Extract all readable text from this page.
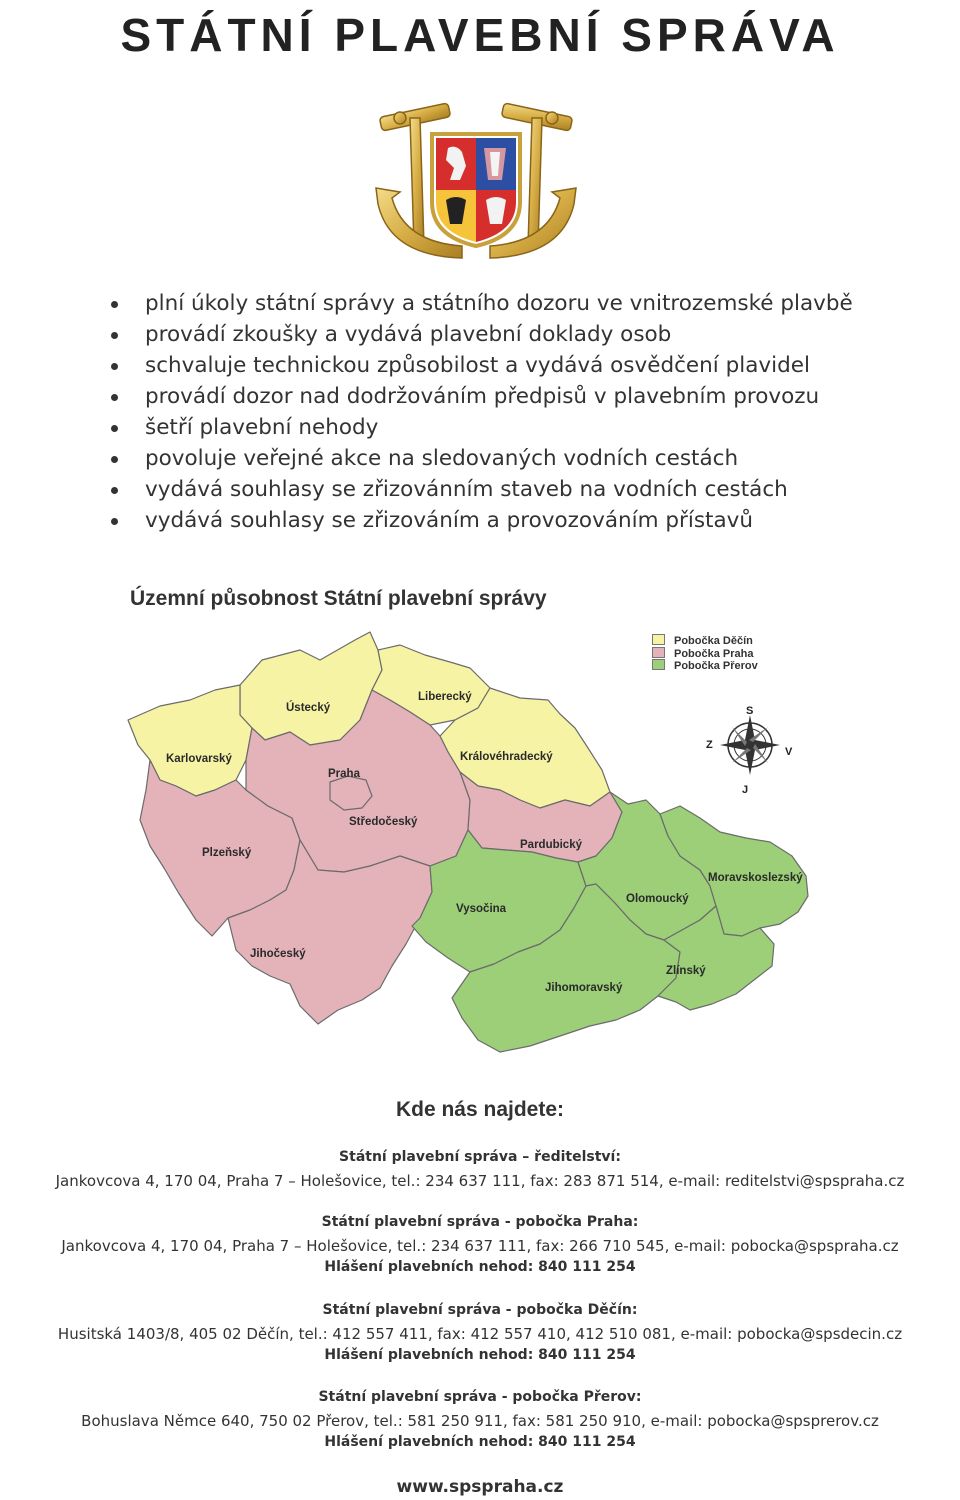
STÁTNÍ PLAVEBNÍ SPRÁVA
plní úkoly státní správy a státního dozoru ve vnitrozemské plavbě
provádí zkoušky a vydává plavební doklady osob
schvaluje technickou způsobilost a vydává osvědčení plavidel
provádí dozor nad dodržováním předpisů v plavebním provozu
šetří plavební nehody
povoluje veřejné akce na sledovaných vodních cestách
vydává souhlasy se zřizovánním staveb na vodních cestách
vydává souhlasy se zřizováním a provozováním přístavů
Územní působnost Státní plavební správy
Pobočka Děčín
Pobočka Praha
Pobočka Přerov
Ústecký
Liberecký
Karlovarský	Královéhradecký
Praha
Středočeský
Pardubický
Plzeňský
Vysočina
Olomoucký
Moravskoslezský
Jihočeský
Zlínský
Jihomoravský
S
J
V
Z
Kde nás najdete:
Státní plavební správa – ředitelství:
Jankovcova 4, 170 04, Praha 7 – Holešovice, tel.: 234 637 111, fax: 283 871 514, e-mail: reditelstvi@spspraha.cz
Státní plavební správa - pobočka Praha:
Jankovcova 4, 170 04, Praha 7 – Holešovice, tel.: 234 637 111, fax: 266 710 545, e-mail: pobocka@spspraha.cz
Hlášení plavebních nehod: 840 111 254
Státní plavební správa - pobočka Děčín:
Husitská 1403/8, 405 02 Děčín, tel.: 412 557 411, fax: 412 557 410, 412 510 081, e-mail: pobocka@spsdecin.cz
Hlášení plavebních nehod: 840 111 254
Státní plavební správa - pobočka Přerov:
Bohuslava Němce 640, 750 02 Přerov, tel.: 581 250 911, fax: 581 250 910, e-mail: pobocka@spsprerov.cz
Hlášení plavebních nehod: 840 111 254
www.spspraha.cz
